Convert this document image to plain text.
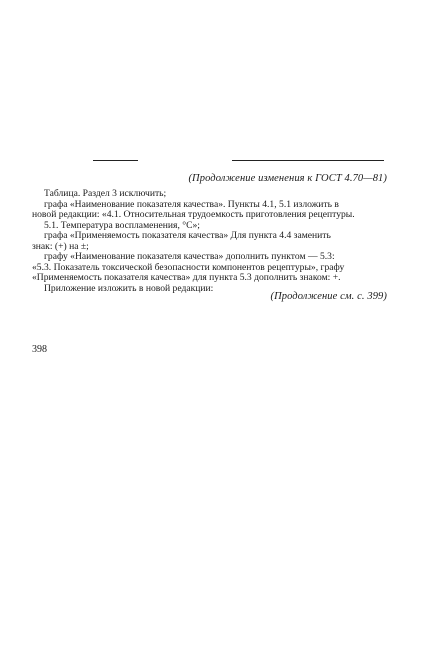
(Продолжение изменения к ГОСТ 4.70—81)
Таблица. Раздел 3 исключить;
графа «Наименование показателя качества». Пункты 4.1, 5.1 изложить в
новой редакции: «4.1. Относительная трудоемкость приготовления рецептуры.
5.1. Температура воспламенения, °С»;
графа «Применяемость показателя качества» Для пункта 4.4 заменить
знак: (+) на ±;
графу «Наименование показателя качества» дополнить пунктом — 5.3:
«5.3. Показатель токсической безопасности компонентов рецептуры», графу
«Применяемость показателя качества» для пункта 5.3 дополнить знаком: +.
Приложение изложить в новой редакции:
(Продолжение см. с. 399)
398
